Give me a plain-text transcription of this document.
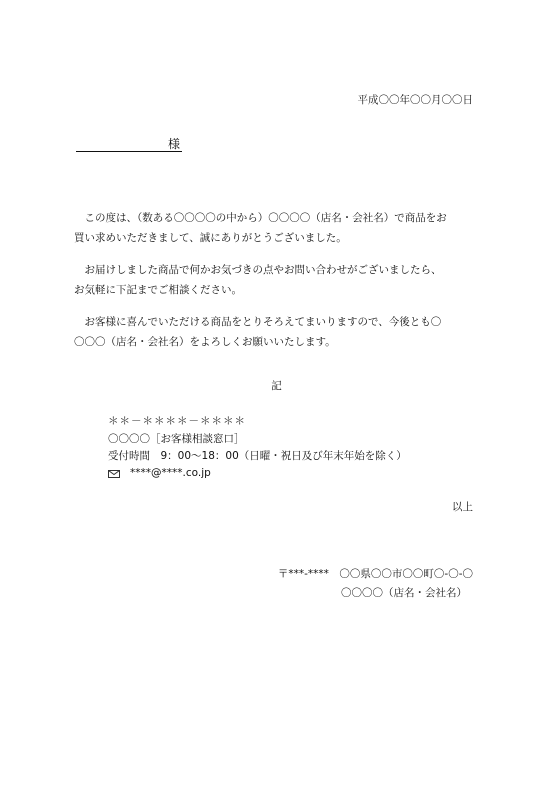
平成〇〇年〇〇月〇〇日
様
　この度は、（数ある〇〇〇〇の中から）〇〇〇〇（店名・会社名）で商品をお
買い求めいただきまして、誠にありがとうございました。
　お届けしました商品で何かお気づきの点やお問い合わせがございましたら、
お気軽に下記までご相談ください。
　お客様に喜んでいただける商品をとりそろえてまいりますので、今後とも〇
〇〇〇（店名・会社名）をよろしくお願いいたします。
記
＊＊－＊＊＊＊－＊＊＊＊
〇〇〇〇［お客様相談窓口］
受付時間　9：00〜18：00（日曜・祝日及び年末年始を除く）
****@****.co.jp
以上
〒***-****　〇〇県〇〇市〇〇町〇-〇-〇
〇〇〇〇（店名・会社名）
